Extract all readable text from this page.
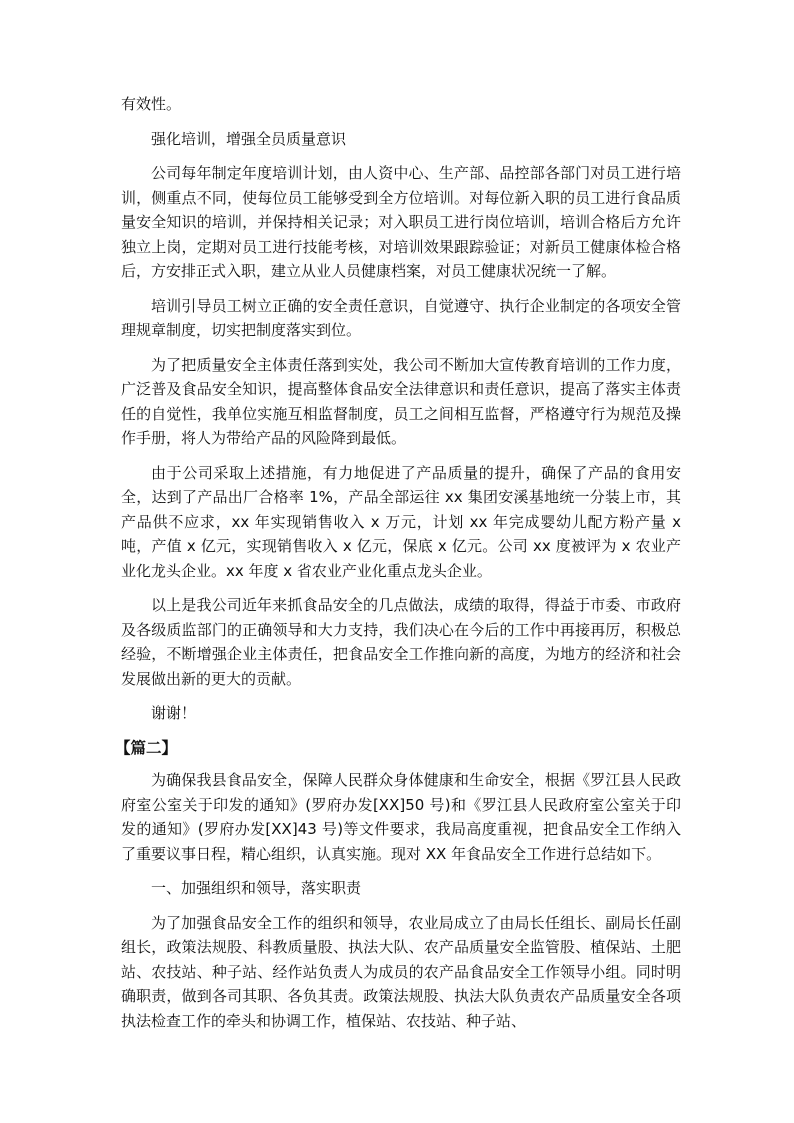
有效性。

强化培训，增强全员质量意识

公司每年制定年度培训计划，由人资中心、生产部、品控部各部门对员工进行培训，侧重点不同，使每位员工能够受到全方位培训。对每位新入职的员工进行食品质量安全知识的培训，并保持相关记录；对入职员工进行岗位培训，培训合格后方允许独立上岗，定期对员工进行技能考核，对培训效果跟踪验证；对新员工健康体检合格后，方安排正式入职，建立从业人员健康档案，对员工健康状况统一了解。

培训引导员工树立正确的安全责任意识，自觉遵守、执行企业制定的各项安全管理规章制度，切实把制度落实到位。

为了把质量安全主体责任落到实处，我公司不断加大宣传教育培训的工作力度，广泛普及食品安全知识，提高整体食品安全法律意识和责任意识，提高了落实主体责任的自觉性，我单位实施互相监督制度，员工之间相互监督，严格遵守行为规范及操作手册，将人为带给产品的风险降到最低。

由于公司采取上述措施，有力地促进了产品质量的提升，确保了产品的食用安全，达到了产品出厂合格率 1%，产品全部运往 xx 集团安溪基地统一分装上市，其产品供不应求，xx 年实现销售收入 x 万元，计划 xx 年完成婴幼儿配方粉产量 x 吨，产值 x 亿元，实现销售收入 x 亿元，保底 x 亿元。公司 xx 度被评为 x 农业产业化龙头企业。xx 年度 x 省农业产业化重点龙头企业。

以上是我公司近年来抓食品安全的几点做法，成绩的取得，得益于市委、市政府及各级质监部门的正确领导和大力支持，我们决心在今后的工作中再接再厉，积极总经验，不断增强企业主体责任，把食品安全工作推向新的高度，为地方的经济和社会发展做出新的更大的贡献。

谢谢！

【篇二】

为确保我县食品安全，保障人民群众身体健康和生命安全，根据《罗江县人民政府室公室关于印发的通知》(罗府办发[XX]50 号)和《罗江县人民政府室公室关于印发的通知》(罗府办发[XX]43 号)等文件要求，我局高度重视，把食品安全工作纳入了重要议事日程，精心组织，认真实施。现对 XX 年食品安全工作进行总结如下。

一、加强组织和领导，落实职责

为了加强食品安全工作的组织和领导，农业局成立了由局长任组长、副局长任副组长，政策法规股、科教质量股、执法大队、农产品质量安全监管股、植保站、土肥站、农技站、种子站、经作站负责人为成员的农产品食品安全工作领导小组。同时明确职责，做到各司其职、各负其责。政策法规股、执法大队负责农产品质量安全各项执法检查工作的牵头和协调工作，植保站、农技站、种子站、
